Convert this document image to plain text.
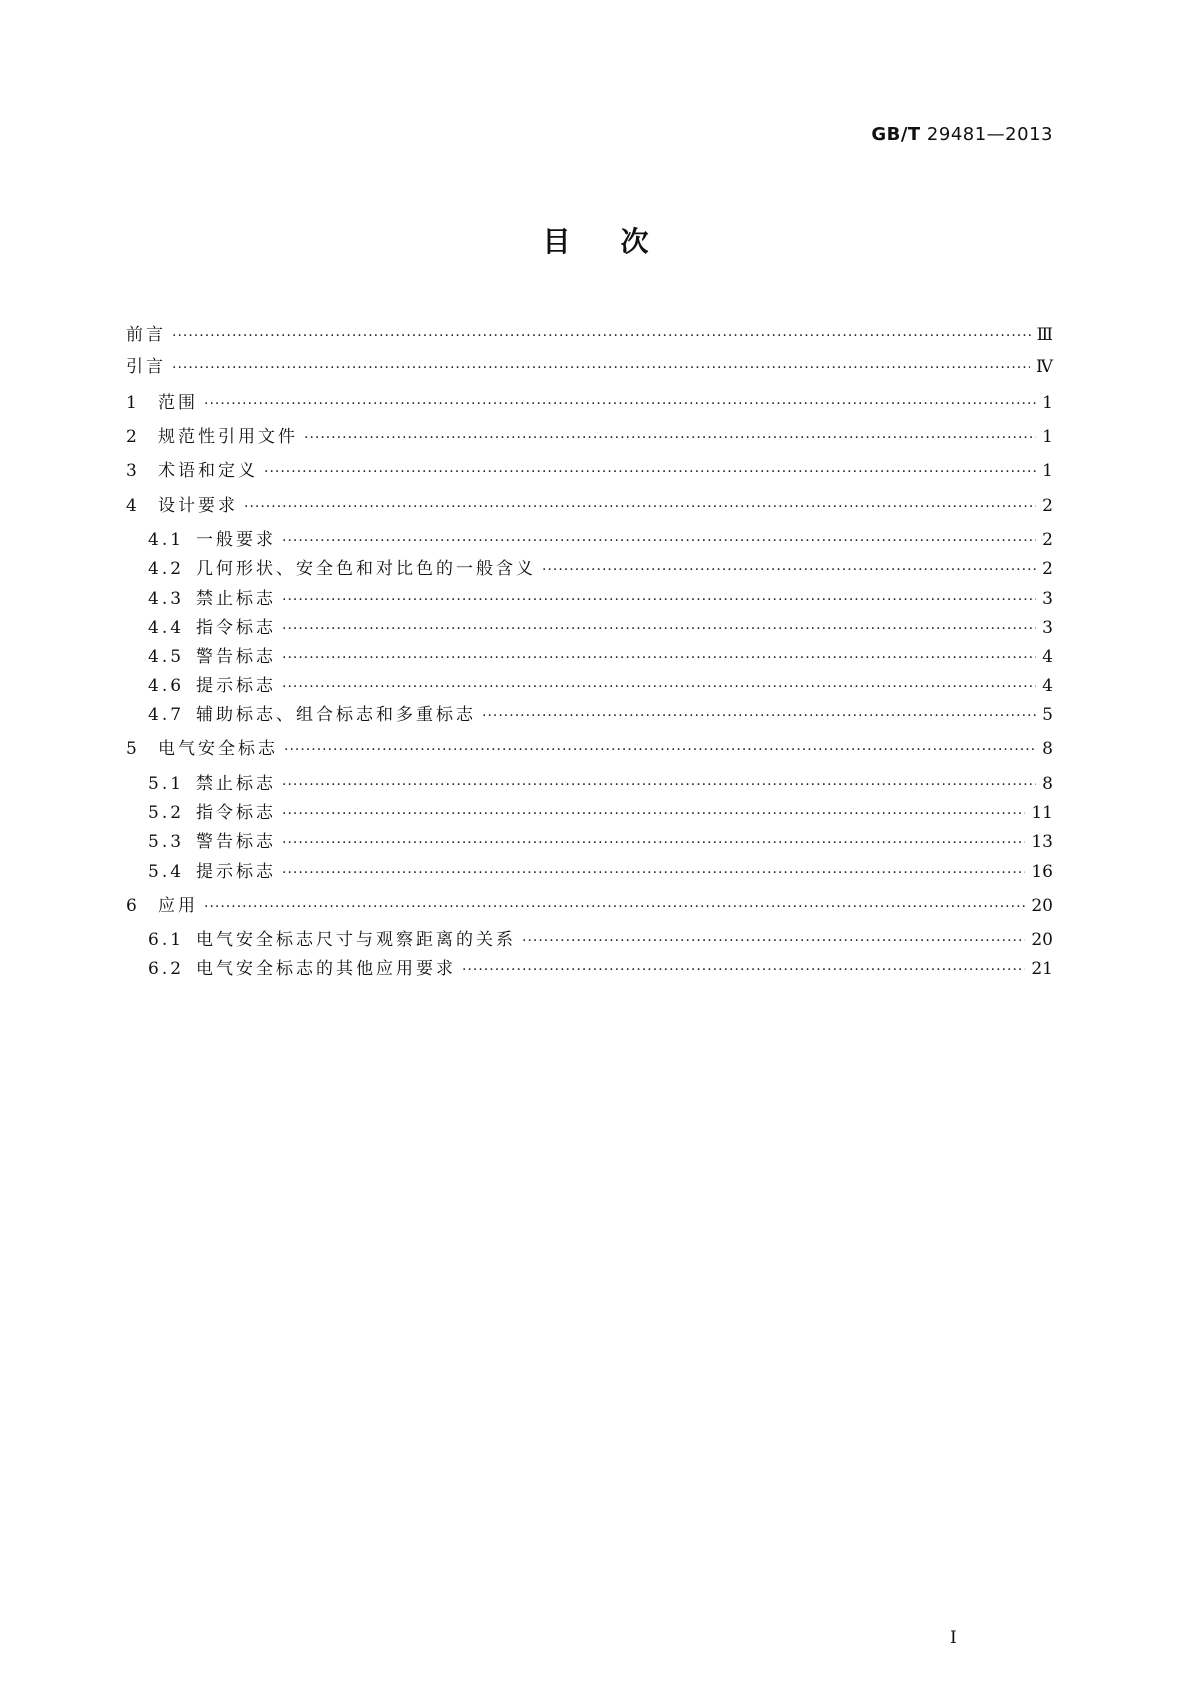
GB/T 29481—2013
目次
前言 ·····	Ⅲ
引言 ·····	Ⅳ
1	范围 ·····	1
2	规范性引用文件 ·····	1
3	术语和定义 ·····	1
4	设计要求 ·····	2
4.1 一般要求 ·····	2
4.2 几何形状、安全色和对比色的一般含义 ·····	2
4.3 禁止标志 ·····	3
4.4 指令标志 ·····	3
4.5 警告标志 ·····	4
4.6 提示标志 ·····	4
4.7 辅助标志、组合标志和多重标志 ·····	5
5	电气安全标志 ·····	8
5.1 禁止标志 ·····	8
5.2 指令标志 ·····	11
5.3 警告标志 ·····	13
5.4 提示标志 ·····	16
6	应用 ·····	20
6.1 电气安全标志尺寸与观察距离的关系 ·····	20
6.2 电气安全标志的其他应用要求 ·····	21
I
